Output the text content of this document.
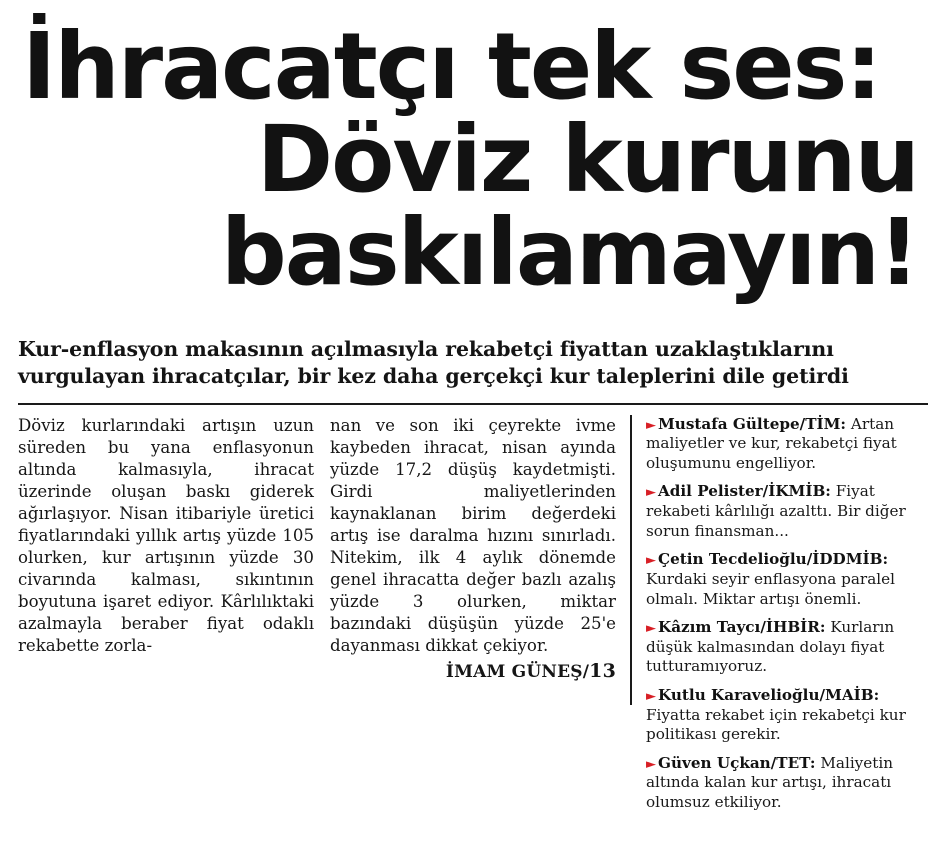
İhracatçı tek ses:
Döviz kurunu
baskılamayın!
Kur-enflasyon makasının açılmasıyla rekabetçi fiyattan uzaklaştıklarını
vurgulayan ihracatçılar, bir kez daha gerçekçi kur taleplerini dile getirdi
Döviz kurlarındaki artışın uzun süreden bu yana enflasyonun altında kalmasıyla, ihracat üzerinde oluşan baskı giderek ağırlaşıyor. Nisan itibariyle üretici fiyatlarındaki yıllık artış yüzde 105 olurken, kur artışının yüzde 30 civarında kalması, sıkıntının boyutuna işaret ediyor. Kârlılıktaki azalmayla beraber fiyat odaklı rekabette zorla-
nan ve son iki çeyrekte ivme kaybeden ihracat, nisan ayında yüzde 17,2 düşüş kaydetmişti. Girdi maliyetlerinden kaynaklanan birim değerdeki artış ise daralma hızını sınırladı. Nitekim, ilk 4 aylık dönemde genel ihracatta değer bazlı azalış yüzde 3 olurken, miktar bazındaki düşüşün yüzde 25'e dayanması dikkat çekiyor.
İMAM GÜNEŞ/13
► Mustafa Gültepe/TİM: Artan maliyetler ve kur, rekabetçi fiyat oluşumunu engelliyor.
► Adil Pelister/İKMİB: Fiyat rekabeti kârlılığı azalttı. Bir diğer sorun finansman...
► Çetin Tecdelioğlu/İDDMİB: Kurdaki seyir enflasyona paralel olmalı. Miktar artışı önemli.
► Kâzım Taycı/İHBİR: Kurların düşük kalmasından dolayı fiyat tutturamıyoruz.
► Kutlu Karavelioğlu/MAİB: Fiyatta rekabet için rekabetçi kur politikası gerekir.
► Güven Uçkan/TET: Maliyetin altında kalan kur artışı, ihracatı olumsuz etkiliyor.
